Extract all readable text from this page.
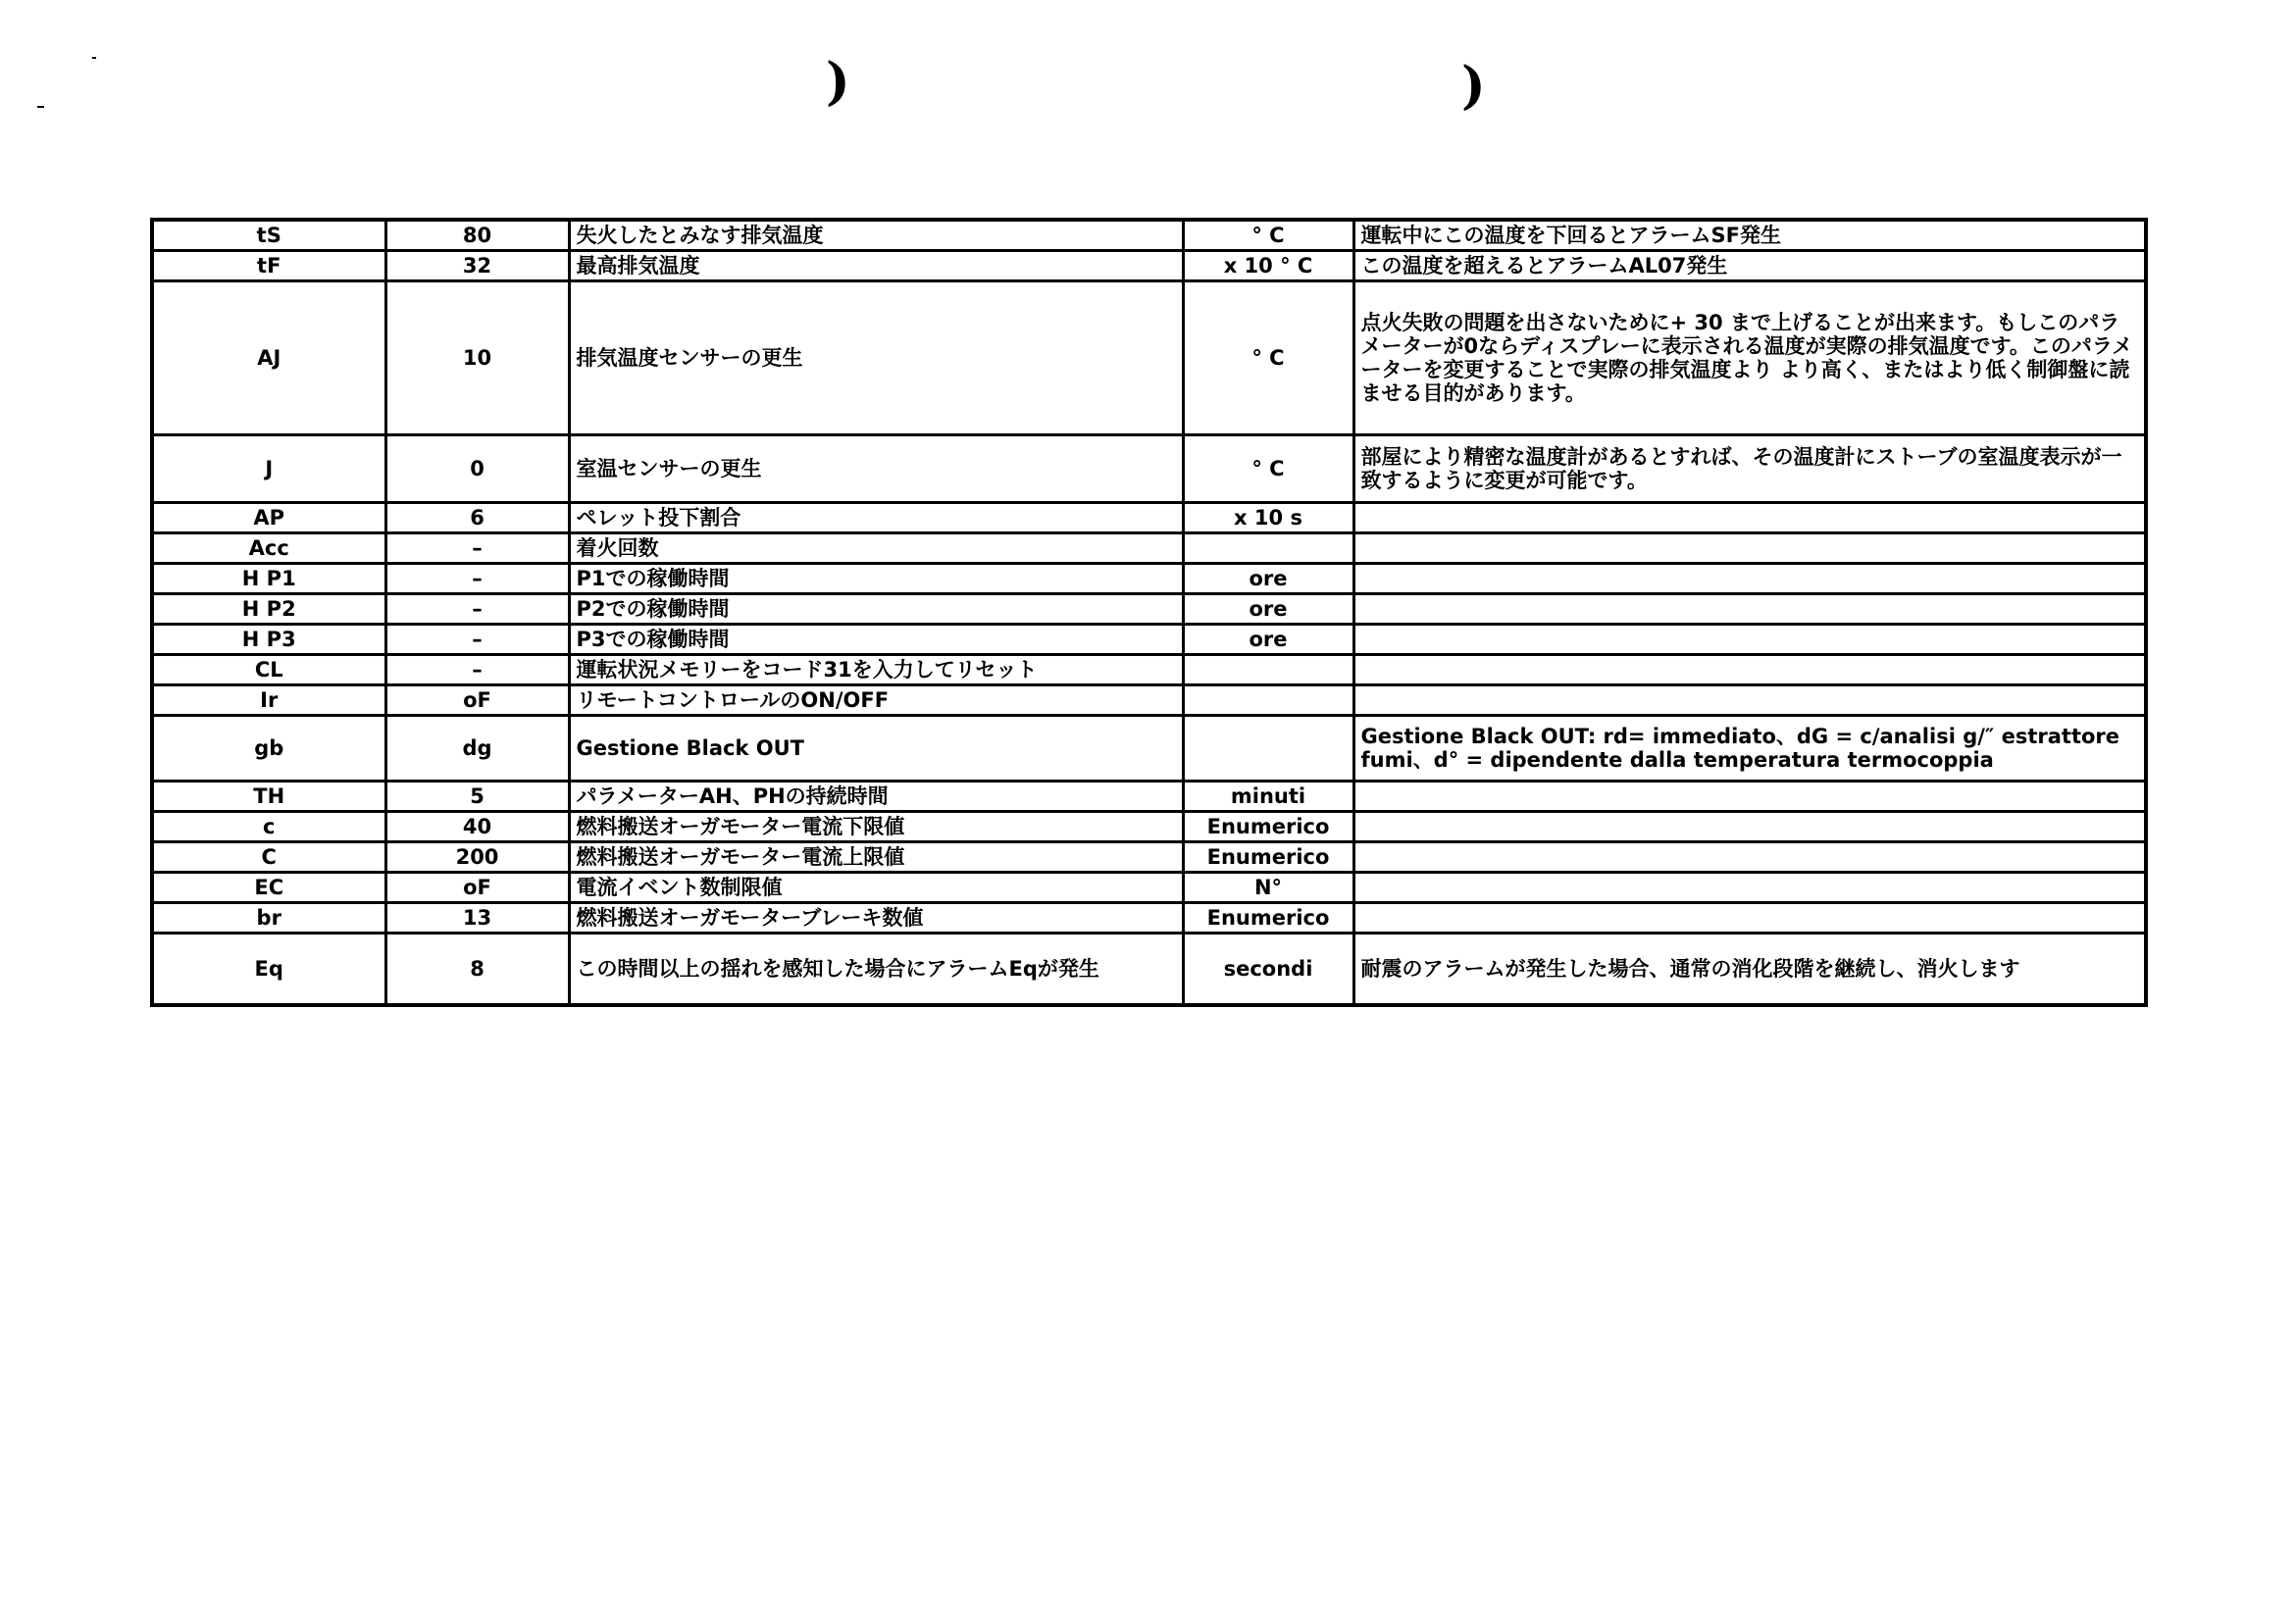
)	)
tS	80	失火したとみなす排気温度	° C	運転中にこの温度を下回るとアラームSF発生
tF	32	最高排気温度	x 10 ° C	この温度を超えるとアラームAL07発生
AJ	10	排気温度センサーの更生	° C	点火失敗の問題を出さないために+ 30 まで上げることが出来ます。もしこのパラメーターが0ならディスプレーに表示される温度が実際の排気温度です。このパラメーターを変更することで実際の排気温度より より高く、またはより低く制御盤に読ませる目的があります。
J	0	室温センサーの更生	° C	部屋により精密な温度計があるとすれば、その温度計にストーブの室温度表示が一致するように変更が可能です。
AP	6	ペレット投下割合	x 10 s	
Acc	–	着火回数		
H P1	–	P1での稼働時間	ore	
H P2	–	P2での稼働時間	ore	
H P3	–	P3での稼働時間	ore	
CL	–	運転状況メモリーをコード31を入力してリセット		
Ir	oF	リモートコントロールのON/OFF		
gb	dg	Gestione Black OUT		Gestione Black OUT: rd= immediato、dG = c/analisi g/″ estrattore fumi、d° = dipendente dalla temperatura termocoppia
TH	5	パラメーターAH、PHの持続時間	minuti	
c	40	燃料搬送オーガモーター電流下限値	Enumerico	
C	200	燃料搬送オーガモーター電流上限値	Enumerico	
EC	oF	電流イベント数制限値	N°	
br	13	燃料搬送オーガモーターブレーキ数値	Enumerico	
Eq	8	この時間以上の揺れを感知した場合にアラームEqが発生	secondi	耐震のアラームが発生した場合、通常の消化段階を継続し、消火します
